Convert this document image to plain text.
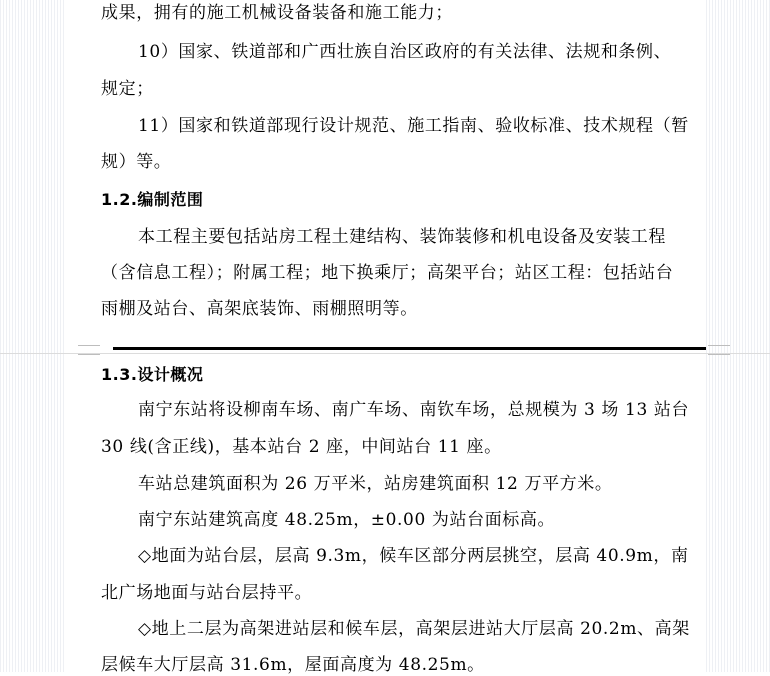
成果，拥有的施工机械设备装备和施工能力；
10）国家、铁道部和广西壮族自治区政府的有关法律、法规和条例、
规定；
11）国家和铁道部现行设计规范、施工指南、验收标准、技术规程（暂
规）等。
1.2.编制范围
本工程主要包括站房工程土建结构、装饰装修和机电设备及安装工程
（含信息工程）；附属工程；地下换乘厅；高架平台；站区工程：包括站台
雨棚及站台、高架底装饰、雨棚照明等。
1.3.设计概况
南宁东站将设柳南车场、南广车场、南钦车场，总规模为 3 场 13 站台
30 线(含正线)，基本站台 2 座，中间站台 11 座。
车站总建筑面积为 26 万平米，站房建筑面积 12 万平方米。
南宁东站建筑高度 48.25m，±0.00 为站台面标高。
◇地面为站台层，层高 9.3m，候车区部分两层挑空，层高 40.9m，南
北广场地面与站台层持平。
◇地上二层为高架进站层和候车层，高架层进站大厅层高 20.2m、高架
层候车大厅层高 31.6m，屋面高度为 48.25m。
